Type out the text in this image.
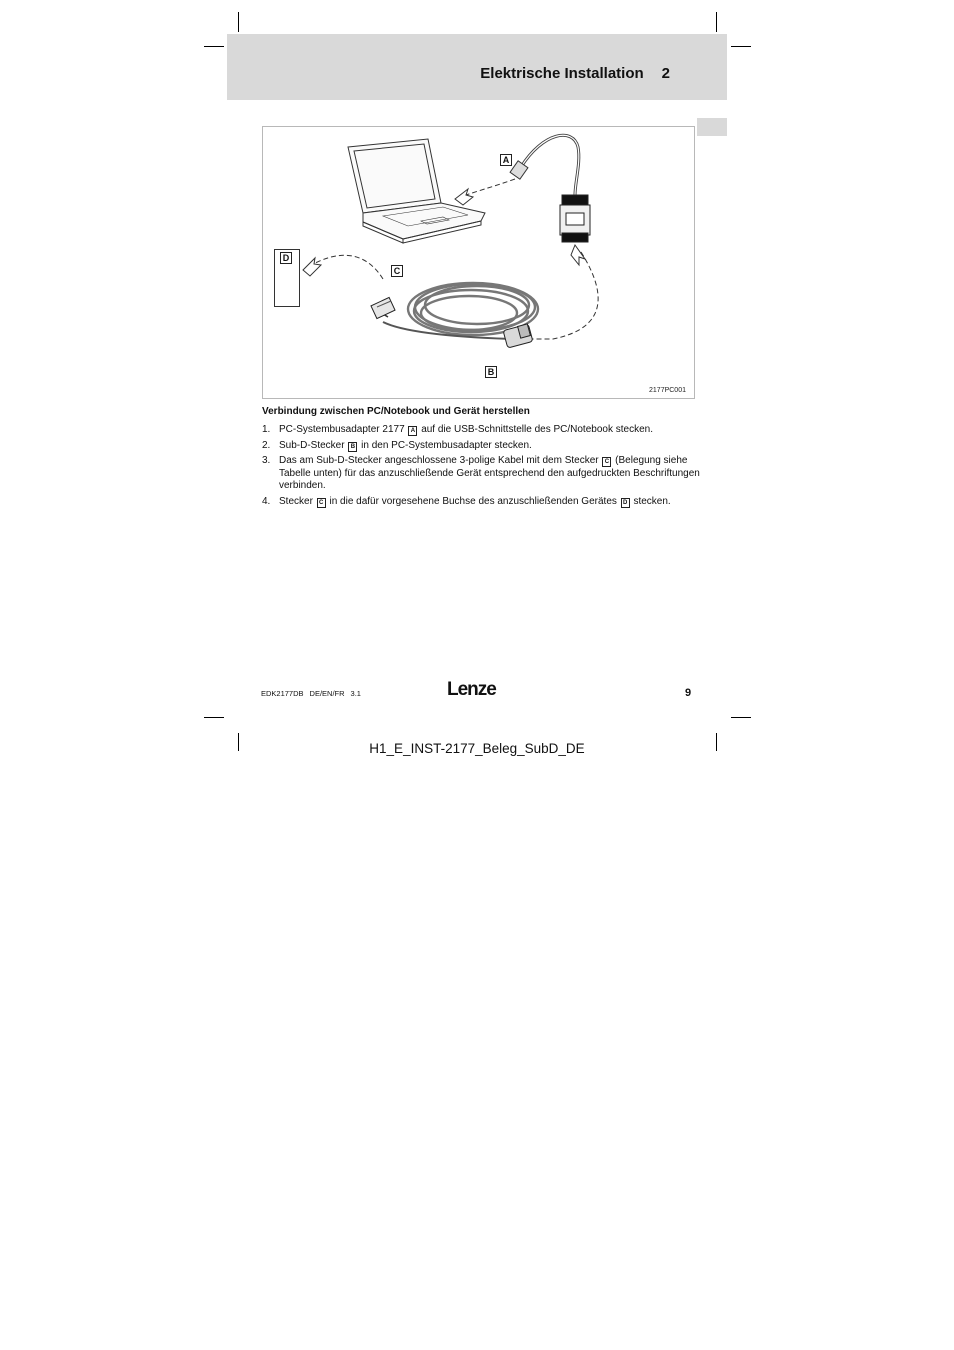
Elektrische Installation 2
A
C
B
D
2177PC001
Verbindung zwischen PC/Notebook und Gerät herstellen
1. PC-Systembusadapter 2177 A auf die USB-Schnittstelle des PC/Notebook stecken.
2. Sub-D-Stecker B in den PC-Systembusadapter stecken.
3. Das am Sub-D-Stecker angeschlossene 3-polige Kabel mit dem Stecker C (Belegung siehe Tabelle unten) für das anzuschließende Gerät entsprechend den aufgedruckten Beschriftungen verbinden.
4. Stecker C in die dafür vorgesehene Buchse des anzuschließenden Gerätes D stecken.
EDK2177DB DE/EN/FR 3.1	Lenze	9
H1_E_INST-2177_Beleg_SubD_DE
